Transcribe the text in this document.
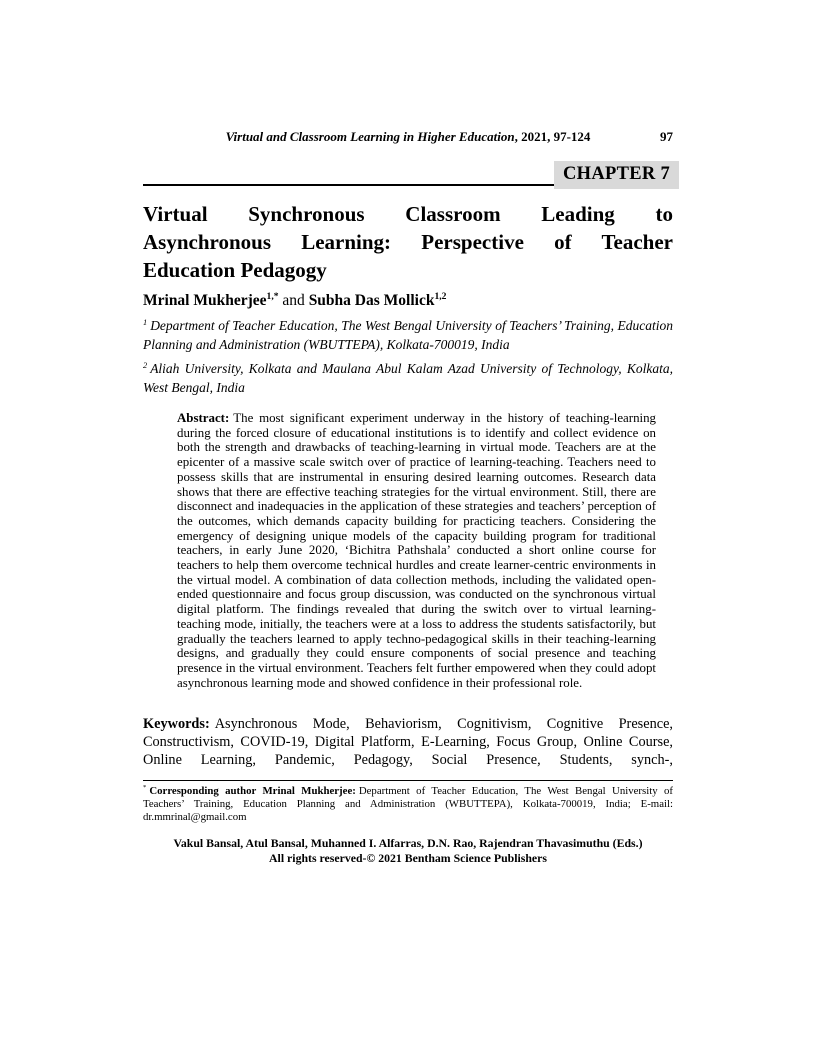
Virtual and Classroom Learning in Higher Education, 2021, 97-124	97
CHAPTER 7
Virtual Synchronous Classroom Leading to
Asynchronous Learning: Perspective of Teacher
Education Pedagogy
Mrinal Mukherjee$^{1,*}$ and Subha Das Mollick$^{1,2}$

$^1$ Department of Teacher Education, The West Bengal University of Teachers’ Training, Education Planning and Administration (WBUTTEPA), Kolkata-700019, India

$^2$ Aliah University, Kolkata and Maulana Abul Kalam Azad University of Technology, Kolkata, West Bengal, India

Abstract: The most significant experiment underway in the history of teaching-learning during the forced closure of educational institutions is to identify and collect evidence on both the strength and drawbacks of teaching-learning in virtual mode. Teachers are at the epicenter of a massive scale switch over of practice of learning-teaching. Teachers need to possess skills that are instrumental in ensuring desired learning outcomes. Research data shows that there are effective teaching strategies for the virtual environment. Still, there are disconnect and inadequacies in the application of these strategies and teachers’ perception of the outcomes, which demands capacity building for practicing teachers. Considering the emergency of designing unique models of the capacity building program for traditional teachers, in early June 2020, ‘Bichitra Pathshala’ conducted a short online course for teachers to help them overcome technical hurdles and create learner-centric environments in the virtual model. A combination of data collection methods, including the validated open-ended questionnaire and focus group discussion, was conducted on the synchronous virtual digital platform. The findings revealed that during the switch over to virtual learning-teaching mode, initially, the teachers were at a loss to address the students satisfactorily, but gradually the teachers learned to apply techno-pedagogical skills in their teaching-learning designs, and gradually they could ensure components of social presence and teaching presence in the virtual environment. Teachers felt further empowered when they could adopt asynchronous learning mode and showed confidence in their professional role.

Keywords: Asynchronous Mode, Behaviorism, Cognitivism, Cognitive Presence, Constructivism, COVID-19, Digital Platform, E-Learning, Focus Group, Online Course, Online Learning, Pandemic, Pedagogy, Social Presence, Students, synch-,

* Corresponding author Mrinal Mukherjee: Department of Teacher Education, The West Bengal University of Teachers’ Training, Education Planning and Administration (WBUTTEPA), Kolkata-700019, India; E-mail: dr.mmrinal@gmail.com

Vakul Bansal, Atul Bansal, Muhanned I. Alfarras, D.N. Rao, Rajendran Thavasimuthu (Eds.)
All rights reserved-© 2021 Bentham Science Publishers
